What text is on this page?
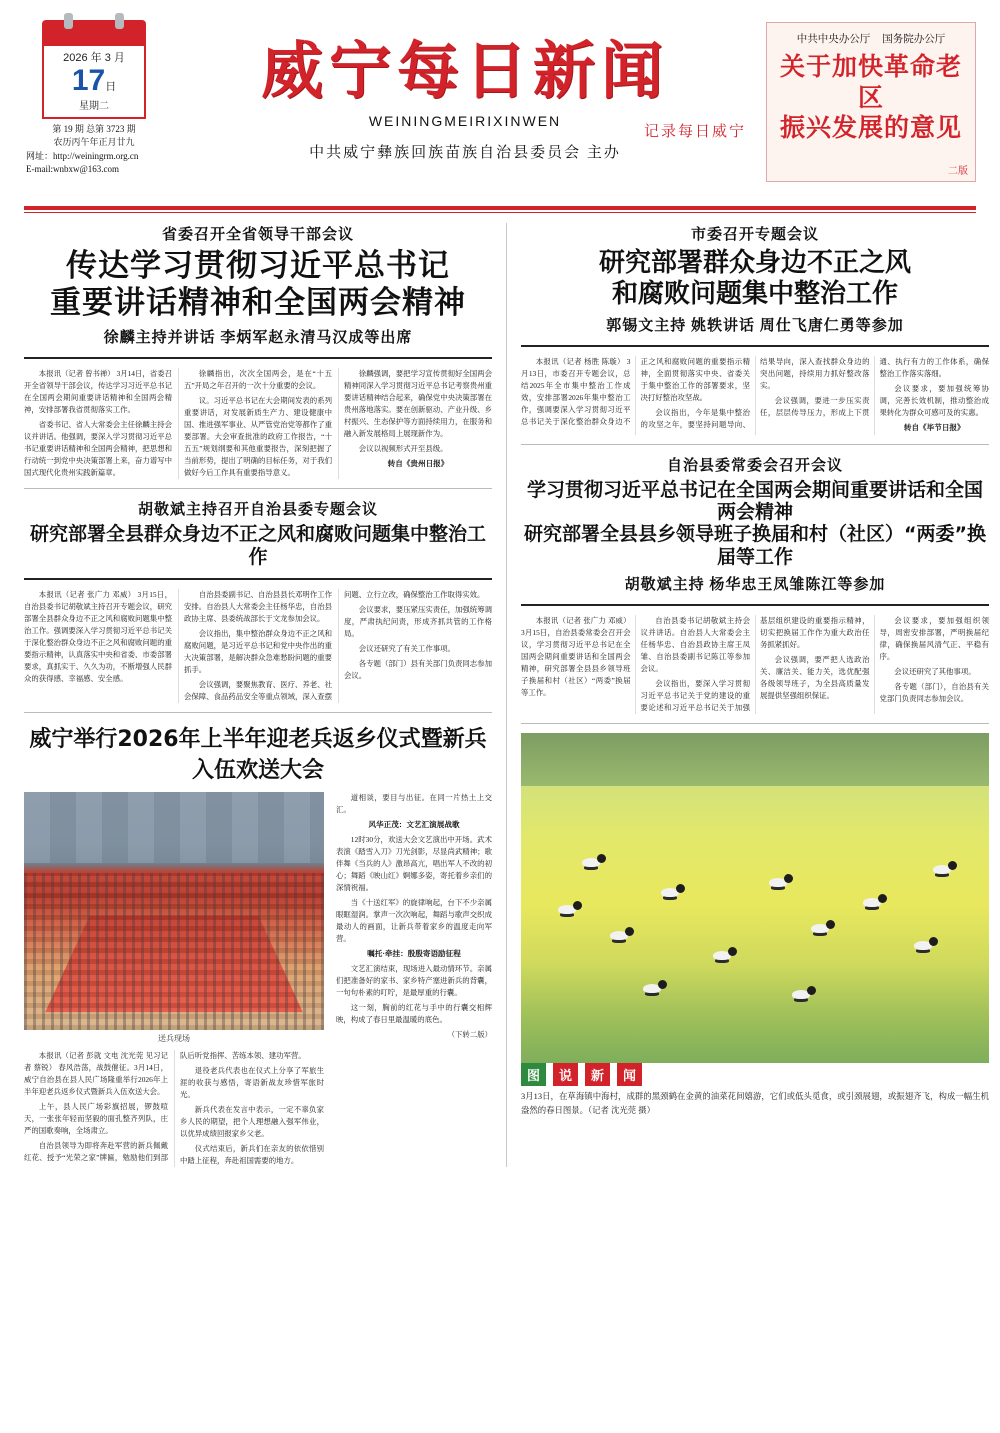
2026 年 3 月
17日
星期二
第 19 期 总第 3723 期
农历丙午年正月廿九
网址：http://weiningrm.org.cn
E-mail:wnbxw@163.com
威宁每日新闻
WEININGMEIRIXINWEN
记录每日威宁
中共威宁彝族回族苗族自治县委员会 主办
中共中央办公厅 国务院办公厅
关于加快革命老区
振兴发展的意见
二版
省委召开全省领导干部会议
传达学习贯彻习近平总书记
重要讲话精神和全国两会精神
徐麟主持并讲话 李炳军赵永清马汉成等出席

本报讯（记者 曾书禅） 3月14日，省委召开全省领导干部会议，传达学习习近平总书记在全国两会期间重要讲话精神和全国两会精神，安排部署我省贯彻落实工作。

省委书记、省人大常委会主任徐麟主持会议并讲话。他强调，要深入学习贯彻习近平总书记重要讲话精神和全国两会精神，把思想和行动统一到党中央决策部署上来，奋力谱写中国式现代化贵州实践新篇章。

徐麟指出，次次全国两会，是在“十五五”开局之年召开的一次十分重要的会议。

议。习近平总书记在大会期间发表的系列重要讲话，对发展新质生产力、建设健康中国、推进强军事业、从严管党治党等都作了重要部署。大会审查批准的政府工作报告，“十五五”规划纲要和其他重要报告，深刻把握了当前形势，提出了明确的目标任务，对于我们做好今后工作具有重要指导意义。

徐麟强调，要把学习宣传贯彻好全国两会精神同深入学习贯彻习近平总书记考察贵州重要讲话精神结合起来，确保党中央决策部署在贵州落地落实。要在创新驱动、产业升级、乡村振兴、生态保护等方面持续用力，在服务和融入新发展格局上展现新作为。

会议以视频形式开至县级。

转自《贵州日报》

胡敬斌主持召开自治县委专题会议
研究部署全县群众身边不正之风和腐败问题集中整治工作

本报讯（记者 张广力 邓威） 3月15日，自治县委书记胡敬斌主持召开专题会议，研究部署全县群众身边不正之风和腐败问题集中整治工作。强调要深入学习贯彻习近平总书记关于深化整治群众身边不正之风和腐败问题的重要指示精神，认真落实中央和省委、市委部署要求，真抓实干、久久为功，不断增强人民群众的获得感、幸福感、安全感。

自治县委副书记、自治县县长邓明作工作安排。自治县人大常委会主任杨华忠，自治县政协主席、县委统战部长于文龙参加会议。

会议指出，集中整治群众身边不正之风和腐败问题，是习近平总书记和党中央作出的重大决策部署，是解决群众急难愁盼问题的重要抓手。

会议强调，要聚焦教育、医疗、养老、社会保障、食品药品安全等重点领域，深入查摆问题、立行立改，确保整治工作取得实效。

会议要求，要压紧压实责任，加强统筹调度，严肃执纪问责，形成齐抓共管的工作格局。

会议还研究了有关工作事项。

各专题（部门）县有关部门负责同志参加会议。

威宁举行2026年上半年迎老兵返乡仪式暨新兵入伍欢送大会
送兵现场

本报讯（记者 彭就 文电 沈光莞 见习记者 蔡锐） 春风浩荡，战鼓催征。3月14日，威宁自治县在县人民广场隆重举行2026年上半年迎老兵返乡仪式暨新兵入伍欢送大会。

上午，县人民广场彩旗招展，锣鼓喧天，一张张年轻而坚毅的面孔整齐列队，庄严的国歌奏响，全场肃立。

自治县领导为即将奔赴军营的新兵佩戴红花、授予“光荣之家”牌匾，勉励他们到部队后听党指挥、苦练本领、建功军营。

退役老兵代表也在仪式上分享了军旅生涯的收获与感悟，寄语新战友珍惜军旅时光。

新兵代表在发言中表示，一定不辜负家乡人民的期望，把个人理想融入强军伟业，以优异成绩回报家乡父老。

仪式结束后，新兵们在亲友的依依惜别中踏上征程，奔赴祖国需要的地方。

道相谈，要目与出征。在同一片热土上交汇。

风华正茂：文艺汇演展战歌

12时30分，欢送大会文艺演出中开场。武术表演《踏雪入刀》刀光剑影，尽显尚武精神；歌伴舞《当兵的人》激昂高亢，唱出军人不改的初心；舞蹈《映山红》婀娜多姿，寄托着乡亲们的深情祝福。

当《十送红军》的旋律响起，台下不少亲属眼眶湿润。掌声一次次响起，舞蹈与歌声交织成最动人的画面，让新兵带着家乡的温度走向军营。

嘱托·牵挂：殷殷寄语励征程

文艺汇演结束，现场进入最动情环节。亲属们把准备好的家书、家乡特产塞进新兵的背囊，一句句朴素的叮咛，是最厚重的行囊。

这一刻，胸前的红花与手中的行囊交相辉映，构成了春日里最温暖的底色。

（下转二版）

市委召开专题会议
研究部署群众身边不正之风
和腐败问题集中整治工作
郭锡文主持 姚轶讲话 周仕飞唐仁勇等参加

本报讯（记者 杨胜 陈璇） 3月13日，市委召开专题会议，总结2025年全市集中整治工作成效，安排部署2026年集中整治工作，强调要深入学习贯彻习近平总书记关于深化整治群众身边不正之风和腐败问题的重要指示精神，全面贯彻落实中央、省委关于集中整治工作的部署要求，坚决打好整治攻坚战。

会议指出，今年是集中整治的攻坚之年，要坚持问题导向、结果导向，深入查找群众身边的突出问题，持续用力抓好整改落实。

会议强调，要进一步压实责任，层层传导压力，形成上下贯通、执行有力的工作体系，确保整治工作落实落细。

会议要求，要加强统筹协调，完善长效机制，推动整治成果转化为群众可感可及的实惠。

转自《毕节日报》

自治县委常委会召开会议
学习贯彻习近平总书记在全国两会期间重要讲话和全国两会精神
研究部署全县县乡领导班子换届和村（社区）“两委”换届等工作
胡敬斌主持 杨华忠王凤雏陈江等参加

本报讯（记者 张广力 邓威） 3月15日，自治县委常委会召开会议，学习贯彻习近平总书记在全国两会期间重要讲话和全国两会精神，研究部署全县县乡领导班子换届和村（社区）“两委”换届等工作。

自治县委书记胡敬斌主持会议并讲话。自治县人大常委会主任杨华忠、自治县政协主席王凤雏、自治县委副书记陈江等参加会议。

会议指出，要深入学习贯彻习近平总书记关于党的建设的重要论述和习近平总书记关于加强基层组织建设的重要指示精神，切实把换届工作作为重大政治任务抓紧抓好。

会议强调，要严把人选政治关、廉洁关、能力关，选优配强各级领导班子，为全县高质量发展提供坚强组织保证。

会议要求，要加强组织领导，周密安排部署，严明换届纪律，确保换届风清气正、平稳有序。

会议还研究了其他事项。

各专题（部门），自治县有关党部门负责同志参加会议。

图	说	新	闻
3月13日，在草海镇中海村，成群的黑颈鹤在金黄的油菜花间嬉游，它们或低头觅食，或引颈展翅，或振翅齐飞，构成一幅生机盎然的春日图景。（记者 沈光莞 摄）
